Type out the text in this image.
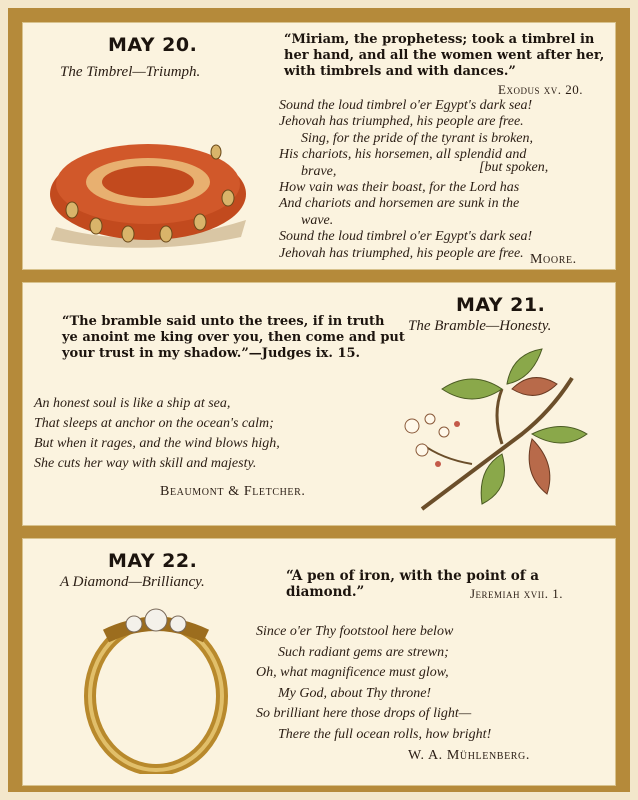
MAY 20.
The Timbrel—Triumph.
“Miriam, the prophetess; took a timbrel in
her hand, and all the women went after her,
with timbrels and with dances.”
Exodus xv. 20.
Sound the loud timbrel o'er Egypt's dark sea!
Jehovah has triumphed, his people are free.
Sing, for the pride of the tyrant is broken,
His chariots, his horsemen, all splendid and
brave,	[but spoken,
How vain was their boast, for the Lord has
And chariots and horsemen are sunk in the
wave.
Sound the loud timbrel o'er Egypt's dark sea!
Jehovah has triumphed, his people are free. Moore.
“The bramble said unto the trees, if in truth
ye anoint me king over you, then come and put
your trust in my shadow.”—Judges ix. 15.
MAY 21.
The Bramble—Honesty.
An honest soul is like a ship at sea,
That sleeps at anchor on the ocean's calm;
But when it rages, and the wind blows high,
She cuts her way with skill and majesty.
Beaumont & Fletcher.
MAY 22.
A Diamond—Brilliancy.	“A pen of iron, with the point of a diamond.”	Jeremiah xvii. 1.
Since o'er Thy footstool here below
Such radiant gems are strewn;
Oh, what magnificence must glow,
My God, about Thy throne!
So brilliant here those drops of light—
There the full ocean rolls, how bright!
W. A. Mühlenberg.
